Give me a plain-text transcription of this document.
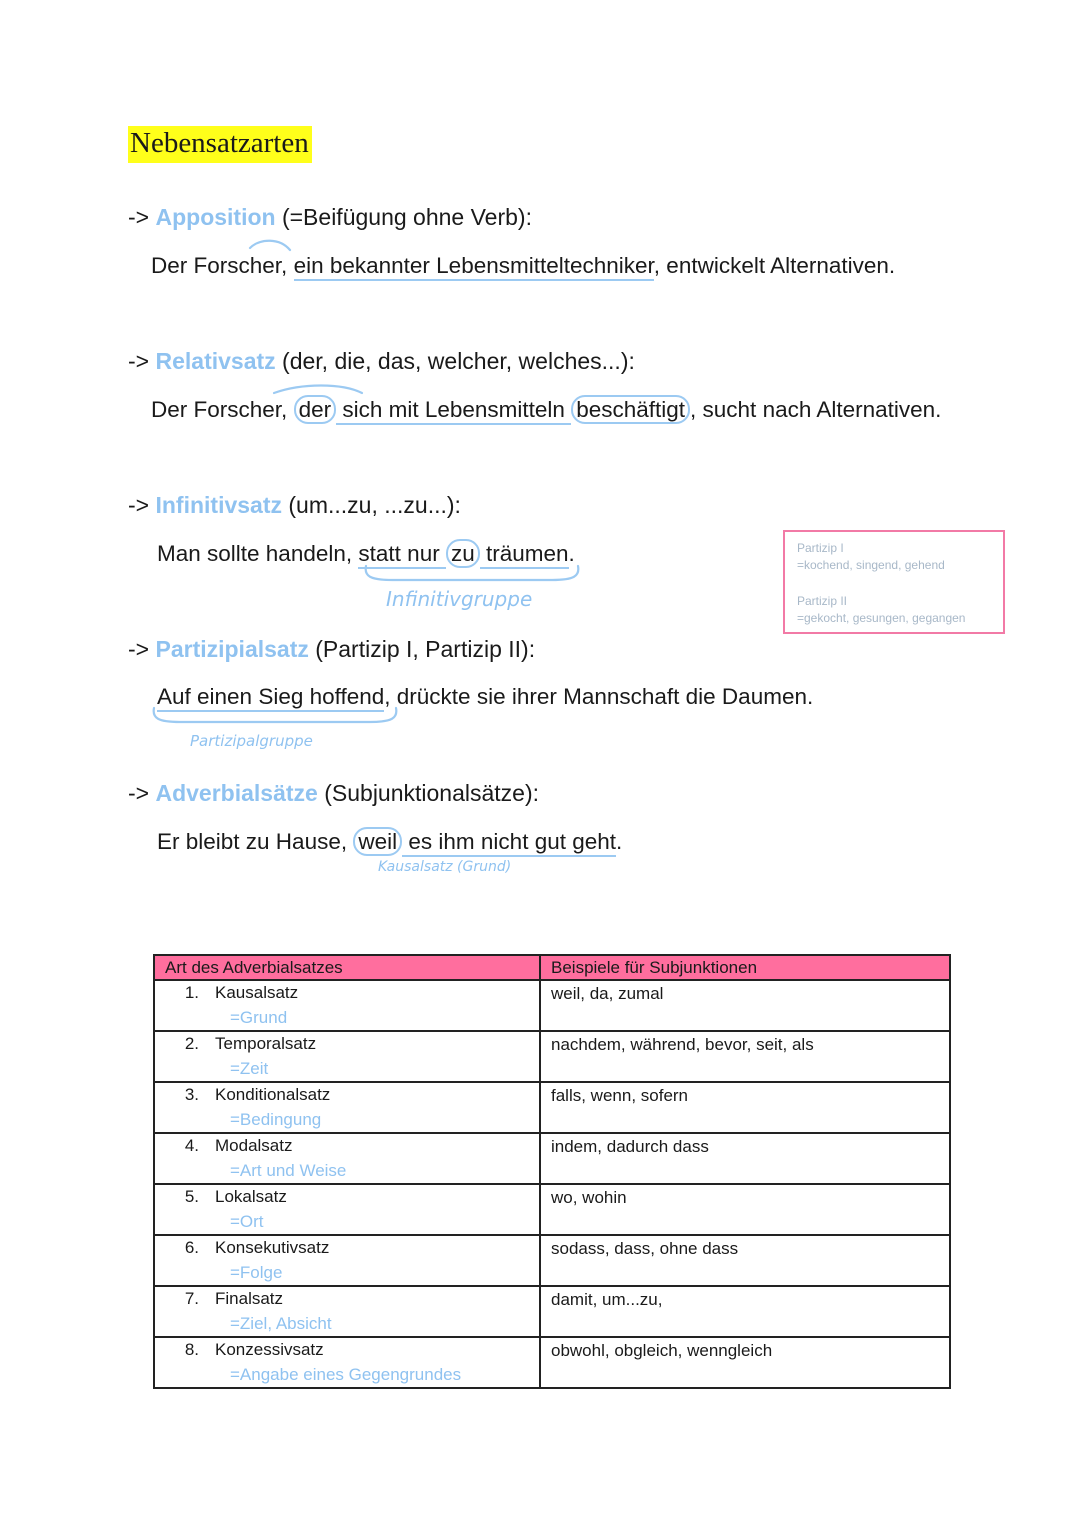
Nebensatzarten
-> Apposition (=Beifügung ohne Verb):
Der Forscher, ein bekannter Lebensmitteltechniker, entwickelt Alternativen.
-> Relativsatz (der, die, das, welcher, welches...):
Der Forscher, der sich mit Lebensmitteln beschäftigt , sucht nach Alternativen.
-> Infinitivsatz (um...zu, ...zu...):
Man sollte handeln, statt nur zu träumen.
Infinitivgruppe
Partizip I
=kochend, singend, gehend
Partizip II
=gekocht, gesungen, gegangen
-> Partizipialsatz (Partizip I, Partizip II):
Auf einen Sieg hoffend, drückte sie ihrer Mannschaft die Daumen.
Partizipalgruppe
-> Adverbialsätze (Subjunktionalsätze):
Er bleibt zu Hause, weil es ihm nicht gut geht.
Kausalsatz (Grund)
Art des Adverbialsatzes	Beispiele für Subjunktionen

1. Kausalsatz
=Grund	weil, da, zumal

2. Temporalsatz
=Zeit	nachdem, während, bevor, seit, als

3. Konditionalsatz
=Bedingung	falls, wenn, sofern

4. Modalsatz
=Art und Weise	indem, dadurch dass

5. Lokalsatz
=Ort	wo, wohin

6. Konsekutivsatz
=Folge	sodass, dass, ohne dass

7. Finalsatz
=Ziel, Absicht	damit, um...zu,

8. Konzessivsatz
=Angabe eines Gegengrundes	obwohl, obgleich, wenngleich
